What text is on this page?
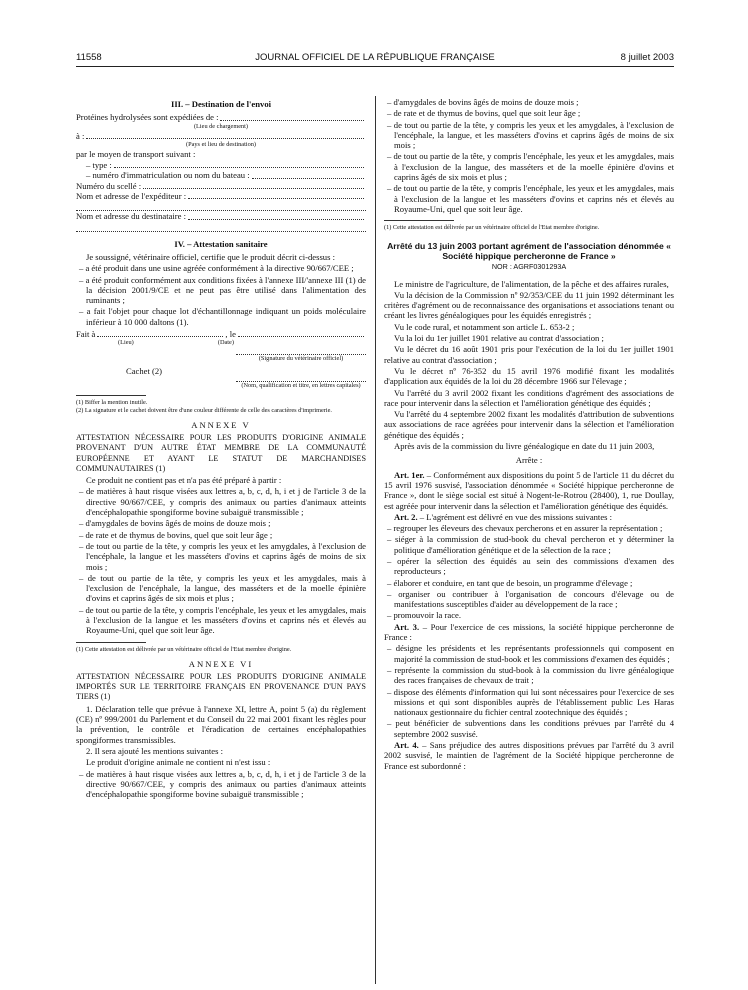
11558	JOURNAL OFFICIEL DE LA RÉPUBLIQUE FRANÇAISE	8 juillet 2003

III. – Destination de l'envoi

Protéines hydrolysées sont expédiées de :

(Lieu de chargement)

à :

(Pays et lieu de destination)

par le moyen de transport suivant :

– type :
– numéro d'immatriculation ou nom du bateau :
Numéro du scellé :
Nom et adresse de l'expéditeur :
Nom et adresse du destinataire :

IV. – Attestation sanitaire

Je soussigné, vétérinaire officiel, certifie que le produit décrit ci-dessus :

– a été produit dans une usine agréée conformément à la directive 90/667/CEE ;

– a été produit conformément aux conditions fixées à l'annexe III/'annexe III (1) de la décision 2001/9/CE et ne peut pas être utilisé dans l'alimentation des ruminants ;

– a fait l'objet pour chaque lot d'échantillonnage indiquant un poids moléculaire inférieur à 10 000 daltons (1).

Fait à	, le
(Lieu)	(Date)
(Signature du vétérinaire officiel)

Cachet (2)

(Nom, qualification et titre, en lettres capitales)

(1) Biffer la mention inutile.

(2) La signature et le cachet doivent être d'une couleur différente de celle des caractères d'imprimerie.

ANNEXE V

ATTESTATION NÉCESSAIRE POUR LES PRODUITS D'ORIGINE ANIMALE PROVENANT D'UN AUTRE ÉTAT MEMBRE DE LA COMMUNAUTÉ EUROPÉENNE ET AYANT LE STATUT DE MARCHANDISES COMMUNAUTAIRES (1)

Ce produit ne contient pas et n'a pas été préparé à partir :

– de matières à haut risque visées aux lettres a, b, c, d, h, i et j de l'article 3 de la directive 90/667/CEE, y compris des animaux ou parties d'animaux atteints d'encéphalopathie spongiforme bovine subaiguë transmissible ;

– d'amygdales de bovins âgés de moins de douze mois ;

– de rate et de thymus de bovins, quel que soit leur âge ;

– de tout ou partie de la tête, y compris les yeux et les amygdales, à l'exclusion de l'encéphale, la langue et les masséters d'ovins et caprins âgés de moins de six mois ;

– de tout ou partie de la tête, y compris les yeux et les amygdales, mais à l'exclusion de l'encéphale, la langue, des masséters et de la moelle épinière d'ovins et caprins âgés de six mois et plus ;

– de tout ou partie de la tête, y compris l'encéphale, les yeux et les amygdales, mais à l'exclusion de la langue et les masséters d'ovins et caprins nés et élevés au Royaume-Uni, quel que soit leur âge.

(1) Cette attestation est délivrée par un vétérinaire officiel de l'Etat membre d'origine.

ANNEXE VI

ATTESTATION NÉCESSAIRE POUR LES PRODUITS D'ORIGINE ANIMALE IMPORTÉS SUR LE TERRITOIRE FRANÇAIS EN PROVENANCE D'UN PAYS TIERS (1)

1. Déclaration telle que prévue à l'annexe XI, lettre A, point 5 (a) du règlement (CE) nº 999/2001 du Parlement et du Conseil du 22 mai 2001 fixant les règles pour la prévention, le contrôle et l'éradication de certaines encéphalopathies spongiformes transmissibles.

2. Il sera ajouté les mentions suivantes :

Le produit d'origine animale ne contient ni n'est issu :

– de matières à haut risque visées aux lettres a, b, c, d, h, i et j de l'article 3 de la directive 90/667/CEE, y compris des animaux ou parties d'animaux atteints d'encéphalopathie spongiforme bovine subaiguë transmissible ;

– d'amygdales de bovins âgés de moins de douze mois ;

– de rate et de thymus de bovins, quel que soit leur âge ;

– de tout ou partie de la tête, y compris les yeux et les amygdales, à l'exclusion de l'encéphale, la langue, et les masséters d'ovins et caprins âgés de moins de six mois ;

– de tout ou partie de la tête, y compris l'encéphale, les yeux et les amygdales, mais à l'exclusion de la langue, des masséters et de la moelle épinière d'ovins et caprins âgés de six mois et plus ;

– de tout ou partie de la tête, y compris l'encéphale, les yeux et les amygdales, mais à l'exclusion de la langue et les masséters d'ovins et caprins nés et élevés au Royaume-Uni, quel que soit leur âge.

(1) Cette attestation est délivrée par un vétérinaire officiel de l'Etat membre d'origine.

Arrêté du 13 juin 2003 portant agrément de l'association dénommée « Société hippique percheronne de France »

NOR : AGRF0301293A

Le ministre de l'agriculture, de l'alimentation, de la pêche et des affaires rurales,

Vu la décision de la Commission nº 92/353/CEE du 11 juin 1992 déterminant les critères d'agrément ou de reconnaissance des organisations et associations tenant ou créant les livres généalogiques pour les équidés enregistrés ;

Vu le code rural, et notamment son article L. 653-2 ;

Vu la loi du 1er juillet 1901 relative au contrat d'association ;

Vu le décret du 16 août 1901 pris pour l'exécution de la loi du 1er juillet 1901 relative au contrat d'association ;

Vu le décret nº 76-352 du 15 avril 1976 modifié fixant les modalités d'application aux équidés de la loi du 28 décembre 1966 sur l'élevage ;

Vu l'arrêté du 3 avril 2002 fixant les conditions d'agrément des associations de race pour intervenir dans la sélection et l'amélioration génétique des équidés ;

Vu l'arrêté du 4 septembre 2002 fixant les modalités d'attribution de subventions aux associations de race agréées pour intervenir dans la sélection et l'amélioration génétique des équidés ;

Après avis de la commission du livre généalogique en date du 11 juin 2003,

Arrête :

Art. 1er. – Conformément aux dispositions du point 5 de l'article 11 du décret du 15 avril 1976 susvisé, l'association dénommée « Société hippique percheronne de France », dont le siège social est situé à Nogent-le-Rotrou (28400), 1, rue Doullay, est agréée pour intervenir dans la sélection et l'amélioration génétique des équidés.

Art. 2. – L'agrément est délivré en vue des missions suivantes :

– regrouper les éleveurs des chevaux percherons et en assurer la représentation ;

– siéger à la commission de stud-book du cheval percheron et y déterminer la politique d'amélioration génétique et de la sélection de la race ;

– opérer la sélection des équidés au sein des commissions d'examen des reproducteurs ;

– élaborer et conduire, en tant que de besoin, un programme d'élevage ;

– organiser ou contribuer à l'organisation de concours d'élevage ou de manifestations susceptibles d'aider au développement de la race ;

– promouvoir la race.

Art. 3. – Pour l'exercice de ces missions, la société hippique percheronne de France :

– désigne les présidents et les représentants professionnels qui composent en majorité la commission de stud-book et les commissions d'examen des équidés ;

– représente la commission du stud-book à la commission du livre généalogique des races françaises de chevaux de trait ;

– dispose des éléments d'information qui lui sont nécessaires pour l'exercice de ses missions et qui sont disponibles auprès de l'établissement public Les Haras nationaux gestionnaire du fichier central zootechnique des équidés ;

– peut bénéficier de subventions dans les conditions prévues par l'arrêté du 4 septembre 2002 susvisé.

Art. 4. – Sans préjudice des autres dispositions prévues par l'arrêté du 3 avril 2002 susvisé, le maintien de l'agrément de la Société hippique percheronne de France est subordonné :
